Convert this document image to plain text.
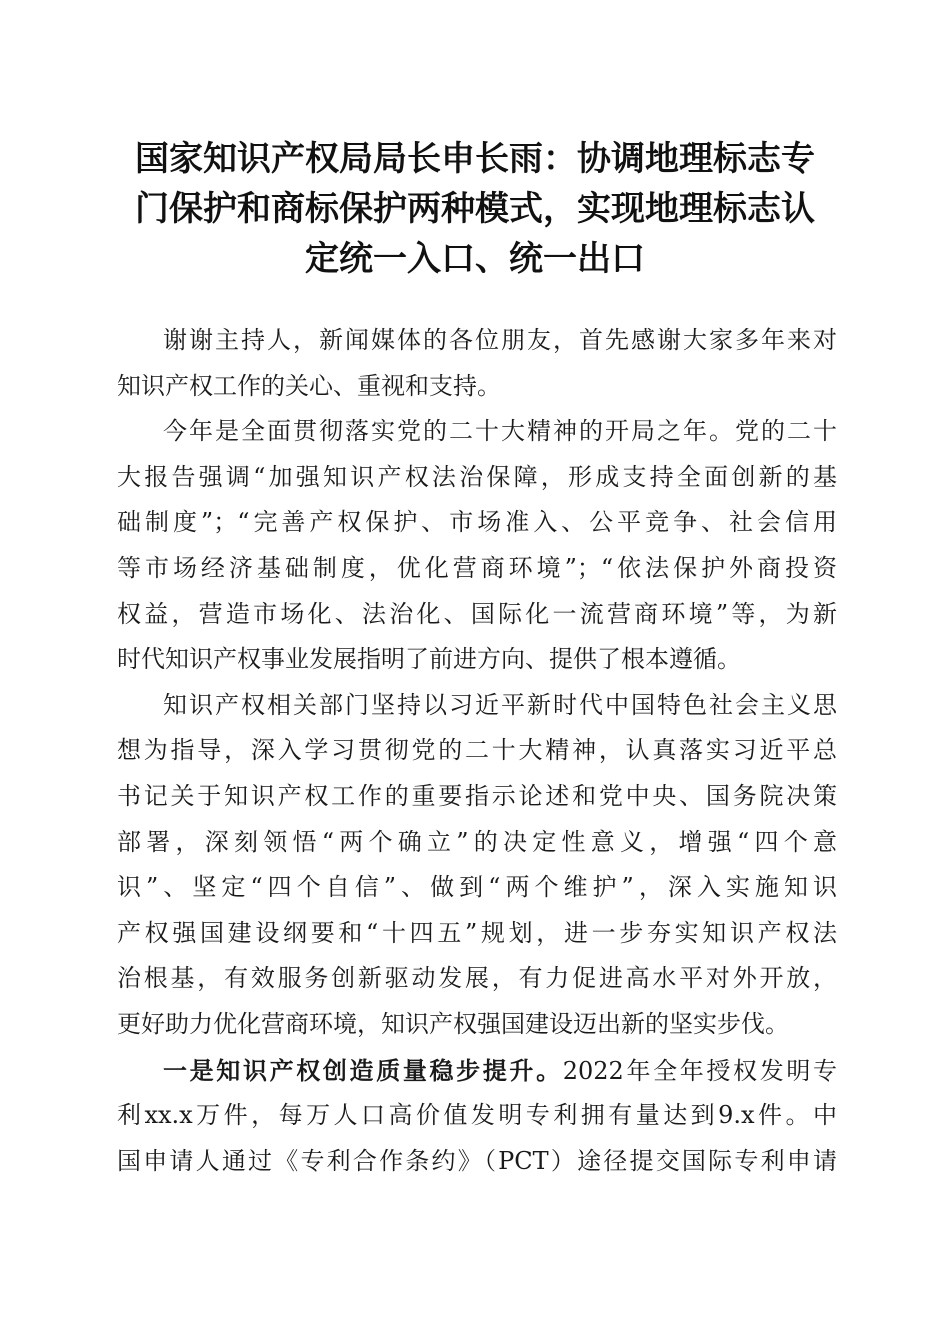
国家知识产权局局长申长雨：协调地理标志专
门保护和商标保护两种模式，实现地理标志认
定统一入口、统一出口
谢谢主持人，新闻媒体的各位朋友，首先感谢大家多年来对
知识产权工作的关心、重视和支持。
今年是全面贯彻落实党的二十大精神的开局之年。党的二十
大报告强调“加强知识产权法治保障，形成支持全面创新的基
础制度”；“完善产权保护、市场准入、公平竞争、社会信用
等市场经济基础制度，优化营商环境”；“依法保护外商投资
权益，营造市场化、法治化、国际化一流营商环境”等，为新
时代知识产权事业发展指明了前进方向、提供了根本遵循。
知识产权相关部门坚持以习近平新时代中国特色社会主义思
想为指导，深入学习贯彻党的二十大精神，认真落实习近平总
书记关于知识产权工作的重要指示论述和党中央、国务院决策
部署，深刻领悟“两个确立”的决定性意义，增强“四个意
识”、坚定“四个自信”、做到“两个维护”，深入实施知识
产权强国建设纲要和“十四五”规划，进一步夯实知识产权法
治根基，有效服务创新驱动发展，有力促进高水平对外开放，
更好助力优化营商环境，知识产权强国建设迈出新的坚实步伐。
一是知识产权创造质量稳步提升。2022年全年授权发明专
利xx.x万件，每万人口高价值发明专利拥有量达到9.x件。中
国申请人通过《专利合作条约》（PCT）途径提交国际专利申请
